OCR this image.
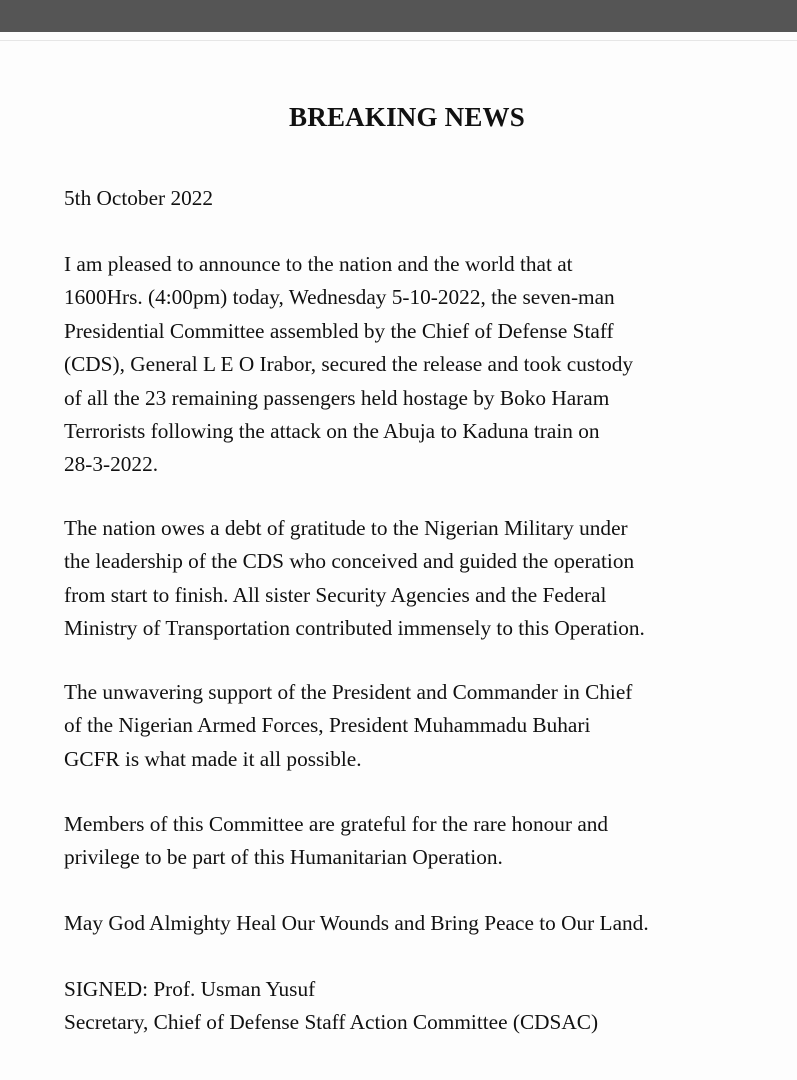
BREAKING NEWS
5th October 2022
I am pleased to announce to the nation and the world that at
1600Hrs. (4:00pm) today, Wednesday 5-10-2022, the seven-man
Presidential Committee assembled by the Chief of Defense Staff
(CDS), General L E O Irabor, secured the release and took custody
of all the 23 remaining passengers held hostage by Boko Haram
Terrorists following the attack on the Abuja to Kaduna train on
28-3-2022.
The nation owes a debt of gratitude to the Nigerian Military under
the leadership of the CDS who conceived and guided the operation
from start to finish. All sister Security Agencies and the Federal
Ministry of Transportation contributed immensely to this Operation.
The unwavering support of the President and Commander in Chief
of the Nigerian Armed Forces, President Muhammadu Buhari
GCFR is what made it all possible.
Members of this Committee are grateful for the rare honour and
privilege to be part of this Humanitarian Operation.
May God Almighty Heal Our Wounds and Bring Peace to Our Land.
SIGNED: Prof. Usman Yusuf
Secretary, Chief of Defense Staff Action Committee (CDSAC)
